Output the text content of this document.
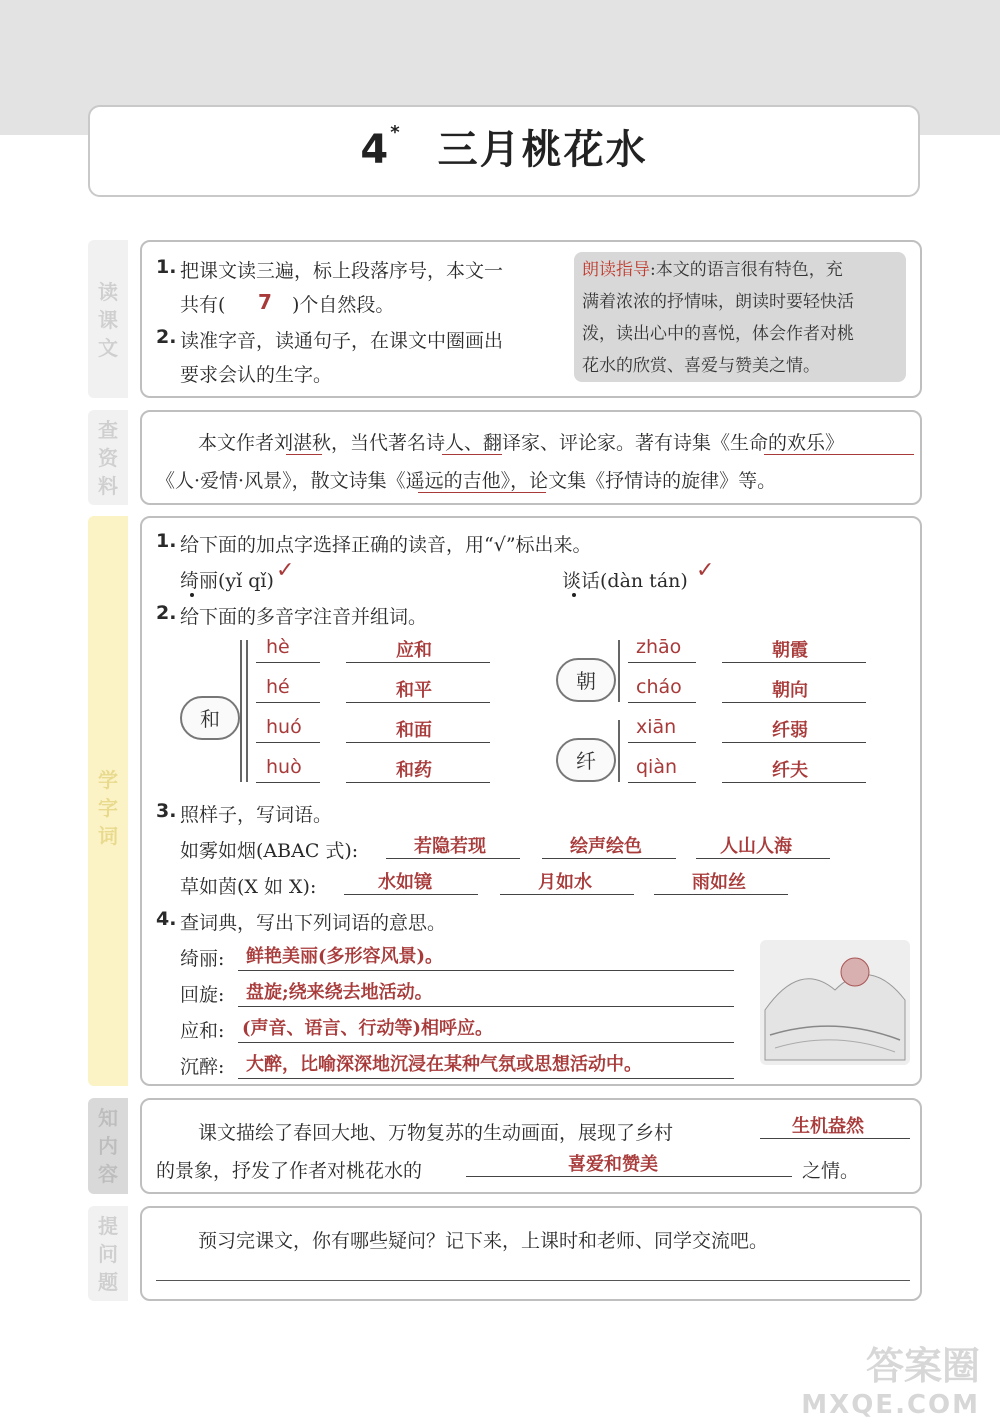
4* 三月桃花水
读
课
文
1. 把课文读三遍，标上段落序号，本文一
共有( 7 )个自然段。
2. 读准字音，读通句子，在课文中圈画出
要求会认的生字。
朗读指导:本文的语言很有特色，充
满着浓浓的抒情味，朗读时要轻快活
泼，读出心中的喜悦，体会作者对桃
花水的欣赏、喜爱与赞美之情。
查
资
料
本文作者刘湛秋，当代著名诗人、翻译家、评论家。著有诗集《生命的欢乐》
《人·爱情·风景》，散文诗集《遥远的吉他》，论文集《抒情诗的旋律》等。
学
字
词
1. 给下面的加点字选择正确的读音，用“√”标出来。
绮丽(yǐ qǐ)	谈话(dàn tán)
✓	✓
2. 给下面的多音字注音并组词。
和
hè	应和
hé	和平
huó	和面
huò	和药
朝
zhāo	朝霞
cháo	朝向
纤
xiān	纤弱
qiàn	纤夫
3. 照样子，写词语。
如雾如烟(ABAC 式):	若隐若现	绘声绘色	人山人海
草如茵(X 如 X):	水如镜	月如水	雨如丝
4. 查词典，写出下列词语的意思。
绮丽: 鲜艳美丽(多形容风景)。
回旋: 盘旋;绕来绕去地活动。
应和: (声音、语言、行动等)相呼应。
沉醉: 大醉，比喻深深地沉浸在某种气氛或思想活动中。
知
内
容
课文描绘了春回大地、万物复苏的生动画面，展现了乡村	生机盎然
的景象，抒发了作者对桃花水的	喜爱和赞美	之情。
提
问
题
预习完课文，你有哪些疑问？记下来，上课时和老师、同学交流吧。
答案圈
MXQE.COM
